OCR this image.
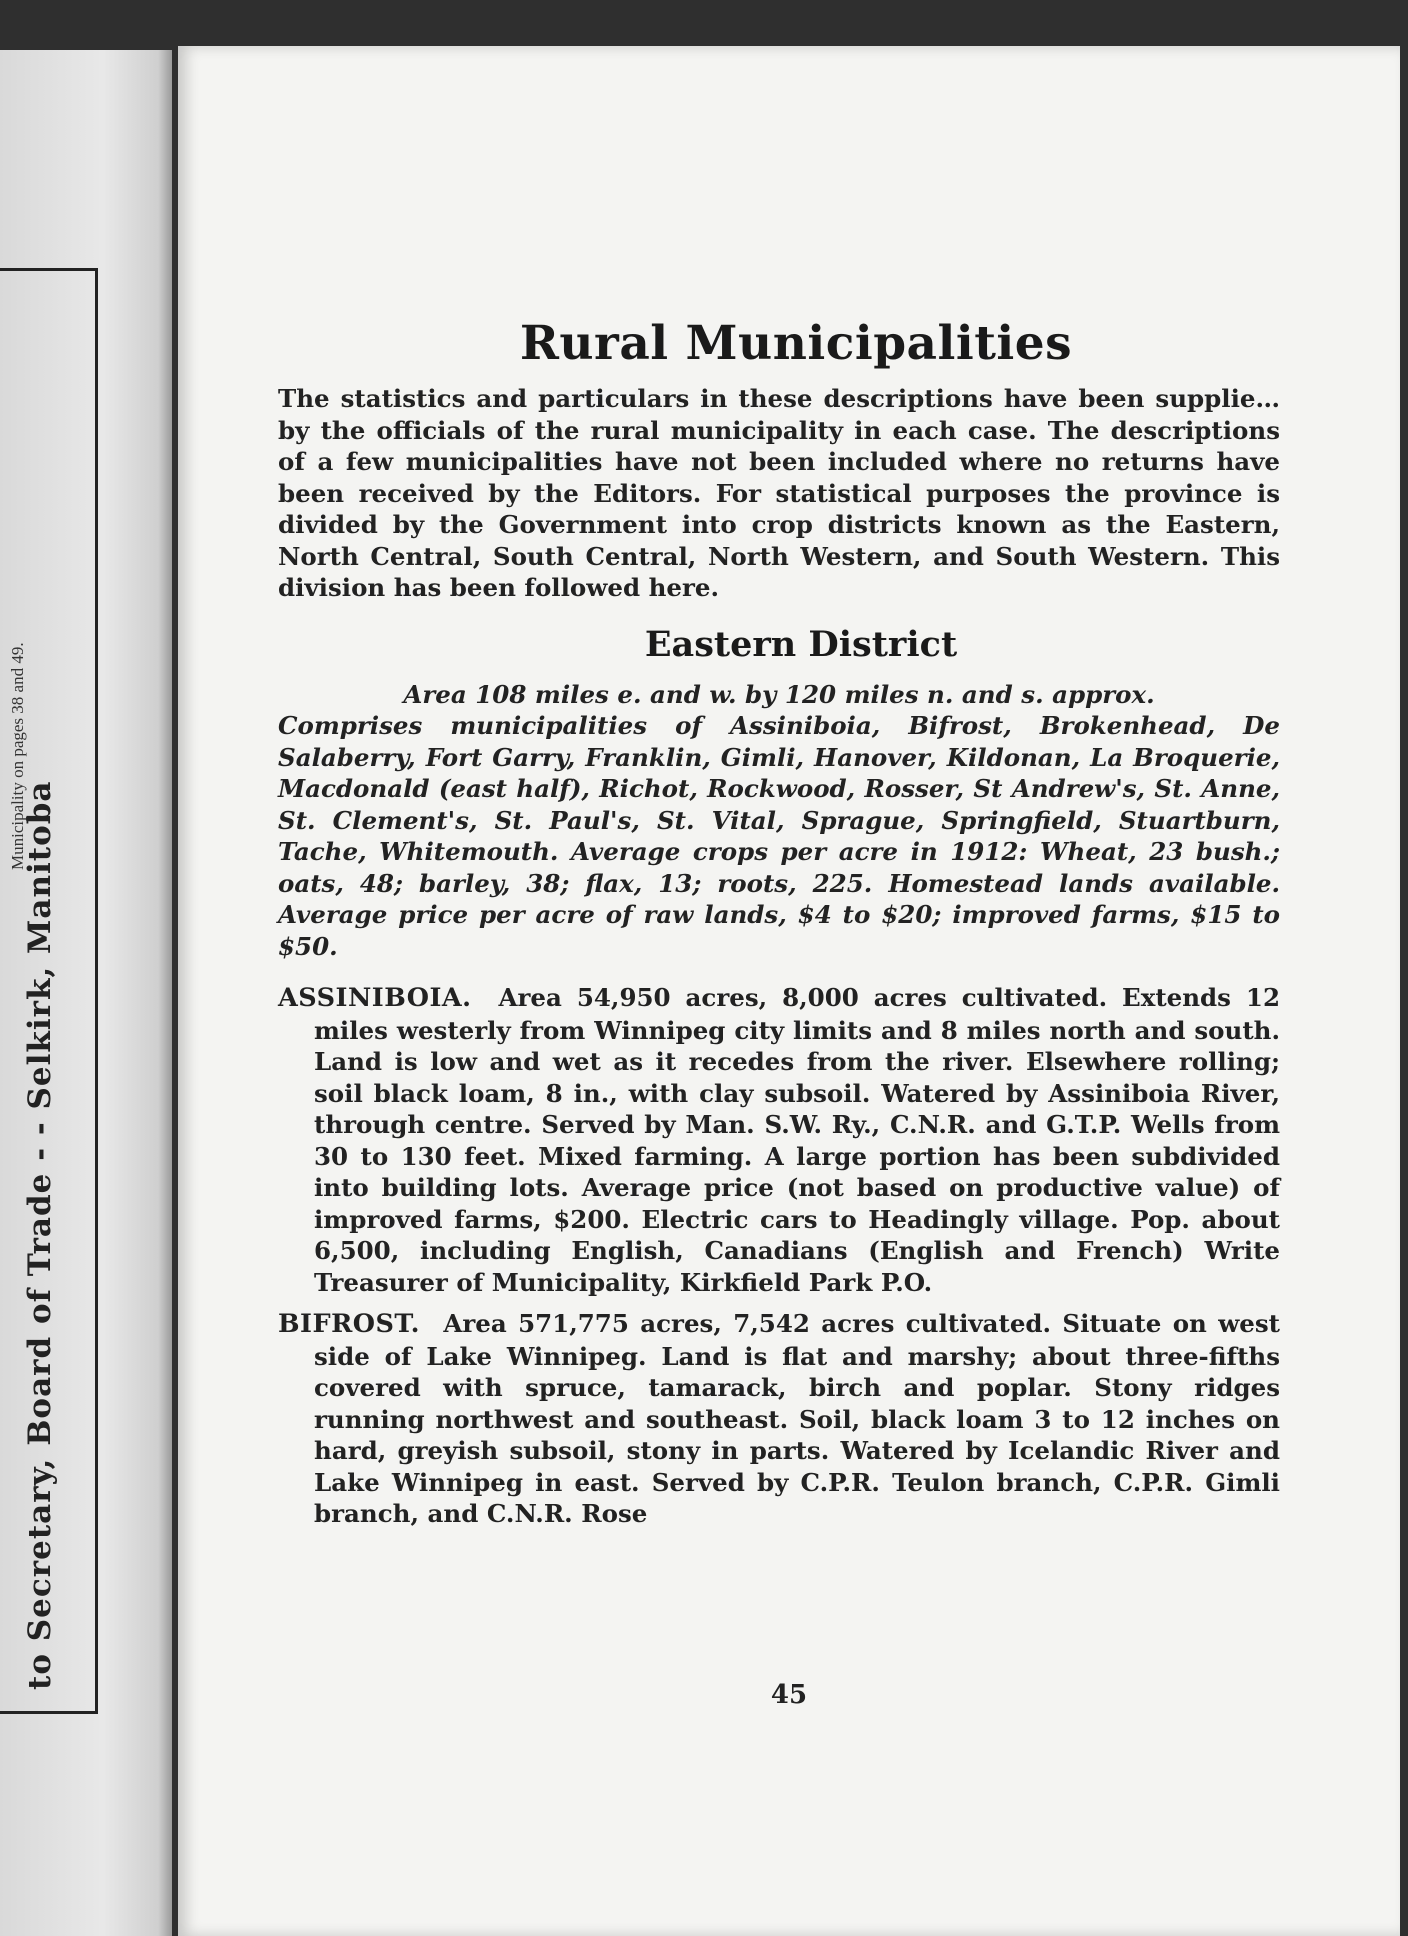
to Secretary, Board of Trade - - Selkirk, Manitoba
Municipality on pages 38 and 49.
Rural Municipalities

The statistics and particulars in these descriptions have been supplie… by the officials of the rural municipality in each case. The descriptions of a few municipalities have not been included where no returns have been received by the Editors. For statistical purposes the province is divided by the Government into crop districts known as the Eastern, North Central, South Central, North Western, and South Western. This division has been followed here.

Eastern District

Area 108 miles e. and w. by 120 miles n. and s. approx.
Comprises municipalities of Assiniboia, Bifrost, Brokenhead, De Salaberry, Fort Garry, Franklin, Gimli, Hanover, Kildonan, La Broquerie, Macdonald (east half), Richot, Rockwood, Rosser, St Andrew's, St. Anne, St. Clement's, St. Paul's, St. Vital, Sprague, Springfield, Stuartburn, Tache, Whitemouth. Average crops per acre in 1912: Wheat, 23 bush.; oats, 48; barley, 38; flax, 13; roots, 225. Homestead lands available. Average price per acre of raw lands, $4 to $20; improved farms, $15 to $50.

ASSINIBOIA. Area 54,950 acres, 8,000 acres cultivated. Extends 12 miles westerly from Winnipeg city limits and 8 miles north and south. Land is low and wet as it recedes from the river. Elsewhere rolling; soil black loam, 8 in., with clay subsoil. Watered by Assiniboia River, through centre. Served by Man. S.W. Ry., C.N.R. and G.T.P. Wells from 30 to 130 feet. Mixed farming. A large portion has been subdivided into building lots. Average price (not based on productive value) of improved farms, $200. Electric cars to Headingly village. Pop. about 6,500, including English, Canadians (English and French) Write Treasurer of Municipality, Kirkfield Park P.O.

BIFROST. Area 571,775 acres, 7,542 acres cultivated. Situate on west side of Lake Winnipeg. Land is flat and marshy; about three-fifths covered with spruce, tamarack, birch and poplar. Stony ridges running northwest and southeast. Soil, black loam 3 to 12 inches on hard, greyish subsoil, stony in parts. Watered by Icelandic River and Lake Winnipeg in east. Served by C.P.R. Teulon branch, C.P.R. Gimli branch, and C.N.R. Rose

45
